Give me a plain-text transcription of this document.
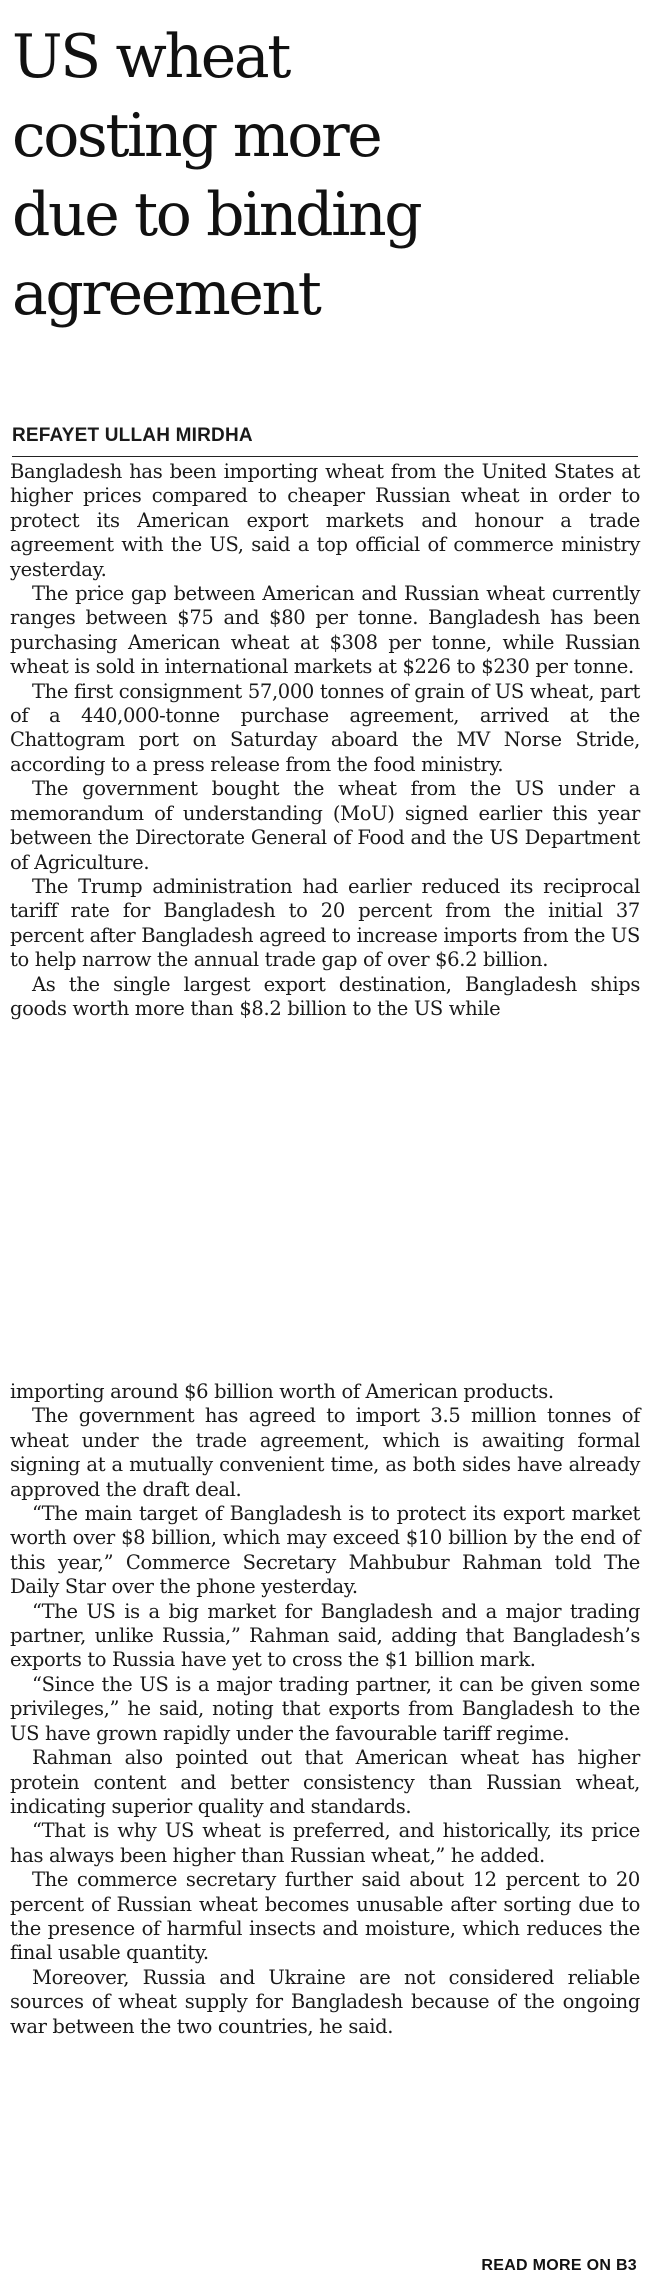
US wheat
costing more
due to binding
agreement
REFAYET ULLAH MIRDHA

Bangladesh has been importing wheat from the United States at higher prices compared to cheaper Russian wheat in order to protect its American export markets and honour a trade agreement with the US, said a top official of commerce ministry yesterday.

The price gap between American and Russian wheat currently ranges between $75 and $80 per tonne. Bangladesh has been purchasing American wheat at $308 per tonne, while Russian wheat is sold in international markets at $226 to $230 per tonne.

The first consignment 57,000 tonnes of grain of US wheat, part of a 440,000-tonne purchase agreement, arrived at the Chattogram port on Saturday aboard the MV Norse Stride, according to a press release from the food ministry.

The government bought the wheat from the US under a memorandum of understanding (MoU) signed earlier this year between the Directorate General of Food and the US Department of Agriculture.

The Trump administration had earlier reduced its reciprocal tariff rate for Bangladesh to 20 percent from the initial 37 percent after Bangladesh agreed to increase imports from the US to help narrow the annual trade gap of over $6.2 billion.

As the single largest export destination, Bangladesh ships goods worth more than $8.2 billion to the US while

importing around $6 billion worth of American products.

The government has agreed to import 3.5 million tonnes of wheat under the trade agreement, which is awaiting formal signing at a mutually convenient time, as both sides have already approved the draft deal.

“The main target of Bangladesh is to protect its export market worth over $8 billion, which may exceed $10 billion by the end of this year,” Commerce Secretary Mahbubur Rahman told The Daily Star over the phone yesterday.

“The US is a big market for Bangladesh and a major trading partner, unlike Russia,” Rahman said, adding that Bangladesh’s exports to Russia have yet to cross the $1 billion mark.

“Since the US is a major trading partner, it can be given some privileges,” he said, noting that exports from Bangladesh to the US have grown rapidly under the favourable tariff regime.

Rahman also pointed out that American wheat has higher protein content and better consistency than Russian wheat, indicating superior quality and standards.

“That is why US wheat is preferred, and historically, its price has always been higher than Russian wheat,” he added.

The commerce secretary further said about 12 percent to 20 percent of Russian wheat becomes unusable after sorting due to the presence of harmful insects and moisture, which reduces the final usable quantity.

Moreover, Russia and Ukraine are not considered reliable sources of wheat supply for Bangladesh because of the ongoing war between the two countries, he said.

READ MORE ON B3
